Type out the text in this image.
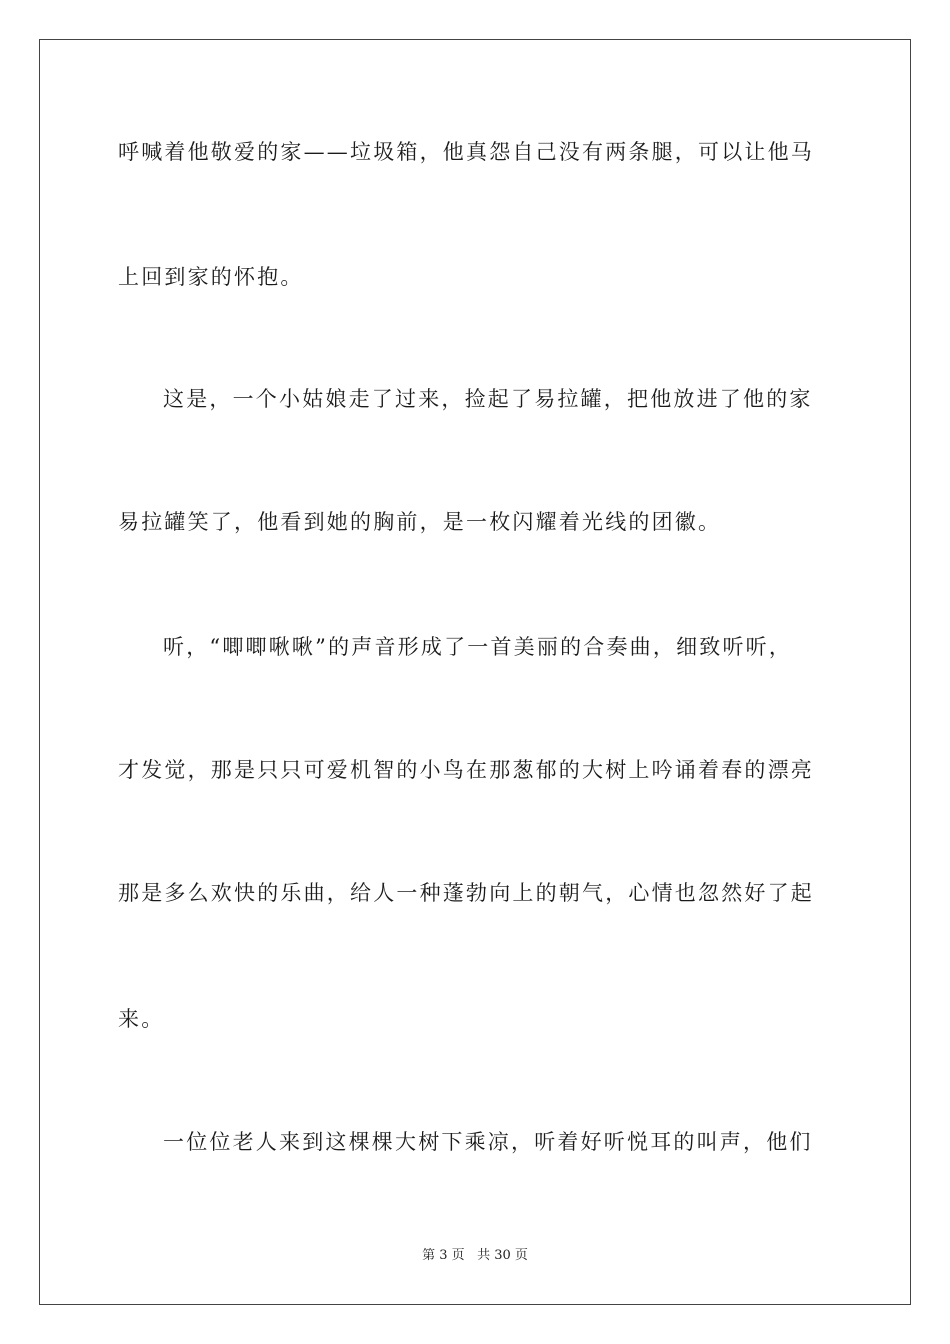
呼喊着他敬爱的家——垃圾箱，他真怨自己没有两条腿，可以让他马
上回到家的怀抱。
这是，一个小姑娘走了过来，捡起了易拉罐，把他放进了他的家
易拉罐笑了，他看到她的胸前，是一枚闪耀着光线的团徽。
听，“唧唧啾啾”的声音形成了一首美丽的合奏曲，细致听听，
才发觉，那是只只可爱机智的小鸟在那葱郁的大树上吟诵着春的漂亮
那是多么欢快的乐曲，给人一种蓬勃向上的朝气，心情也忽然好了起
来。
一位位老人来到这棵棵大树下乘凉，听着好听悦耳的叫声，他们
第 3 页 共 30 页
